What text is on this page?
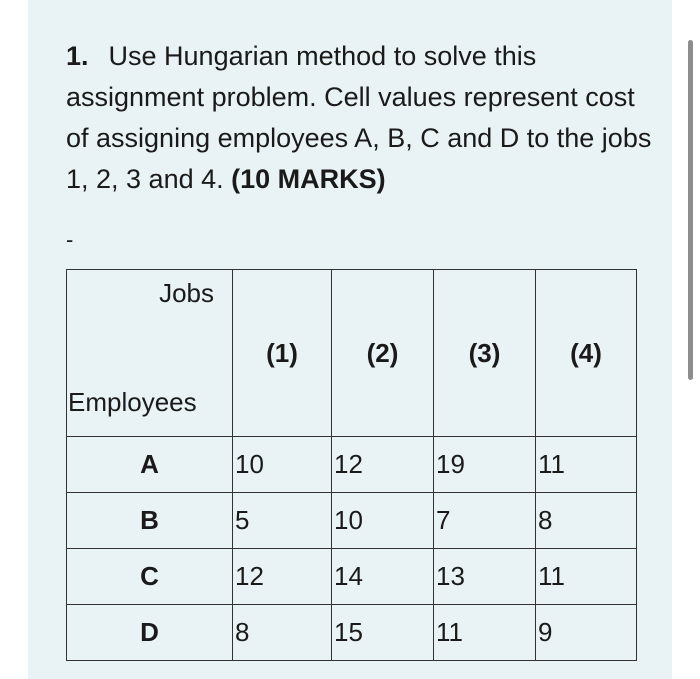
1. Use Hungarian method to solve this assignment problem. Cell values represent cost of assigning employees A, B, C and D to the jobs 1, 2, 3 and 4. (10 MARKS)
-
Jobs
Employees	(1)	(2)	(3)	(4)
A	10	12	19	11
B	5	10	7	8
C	12	14	13	11
D	8	15	11	9
